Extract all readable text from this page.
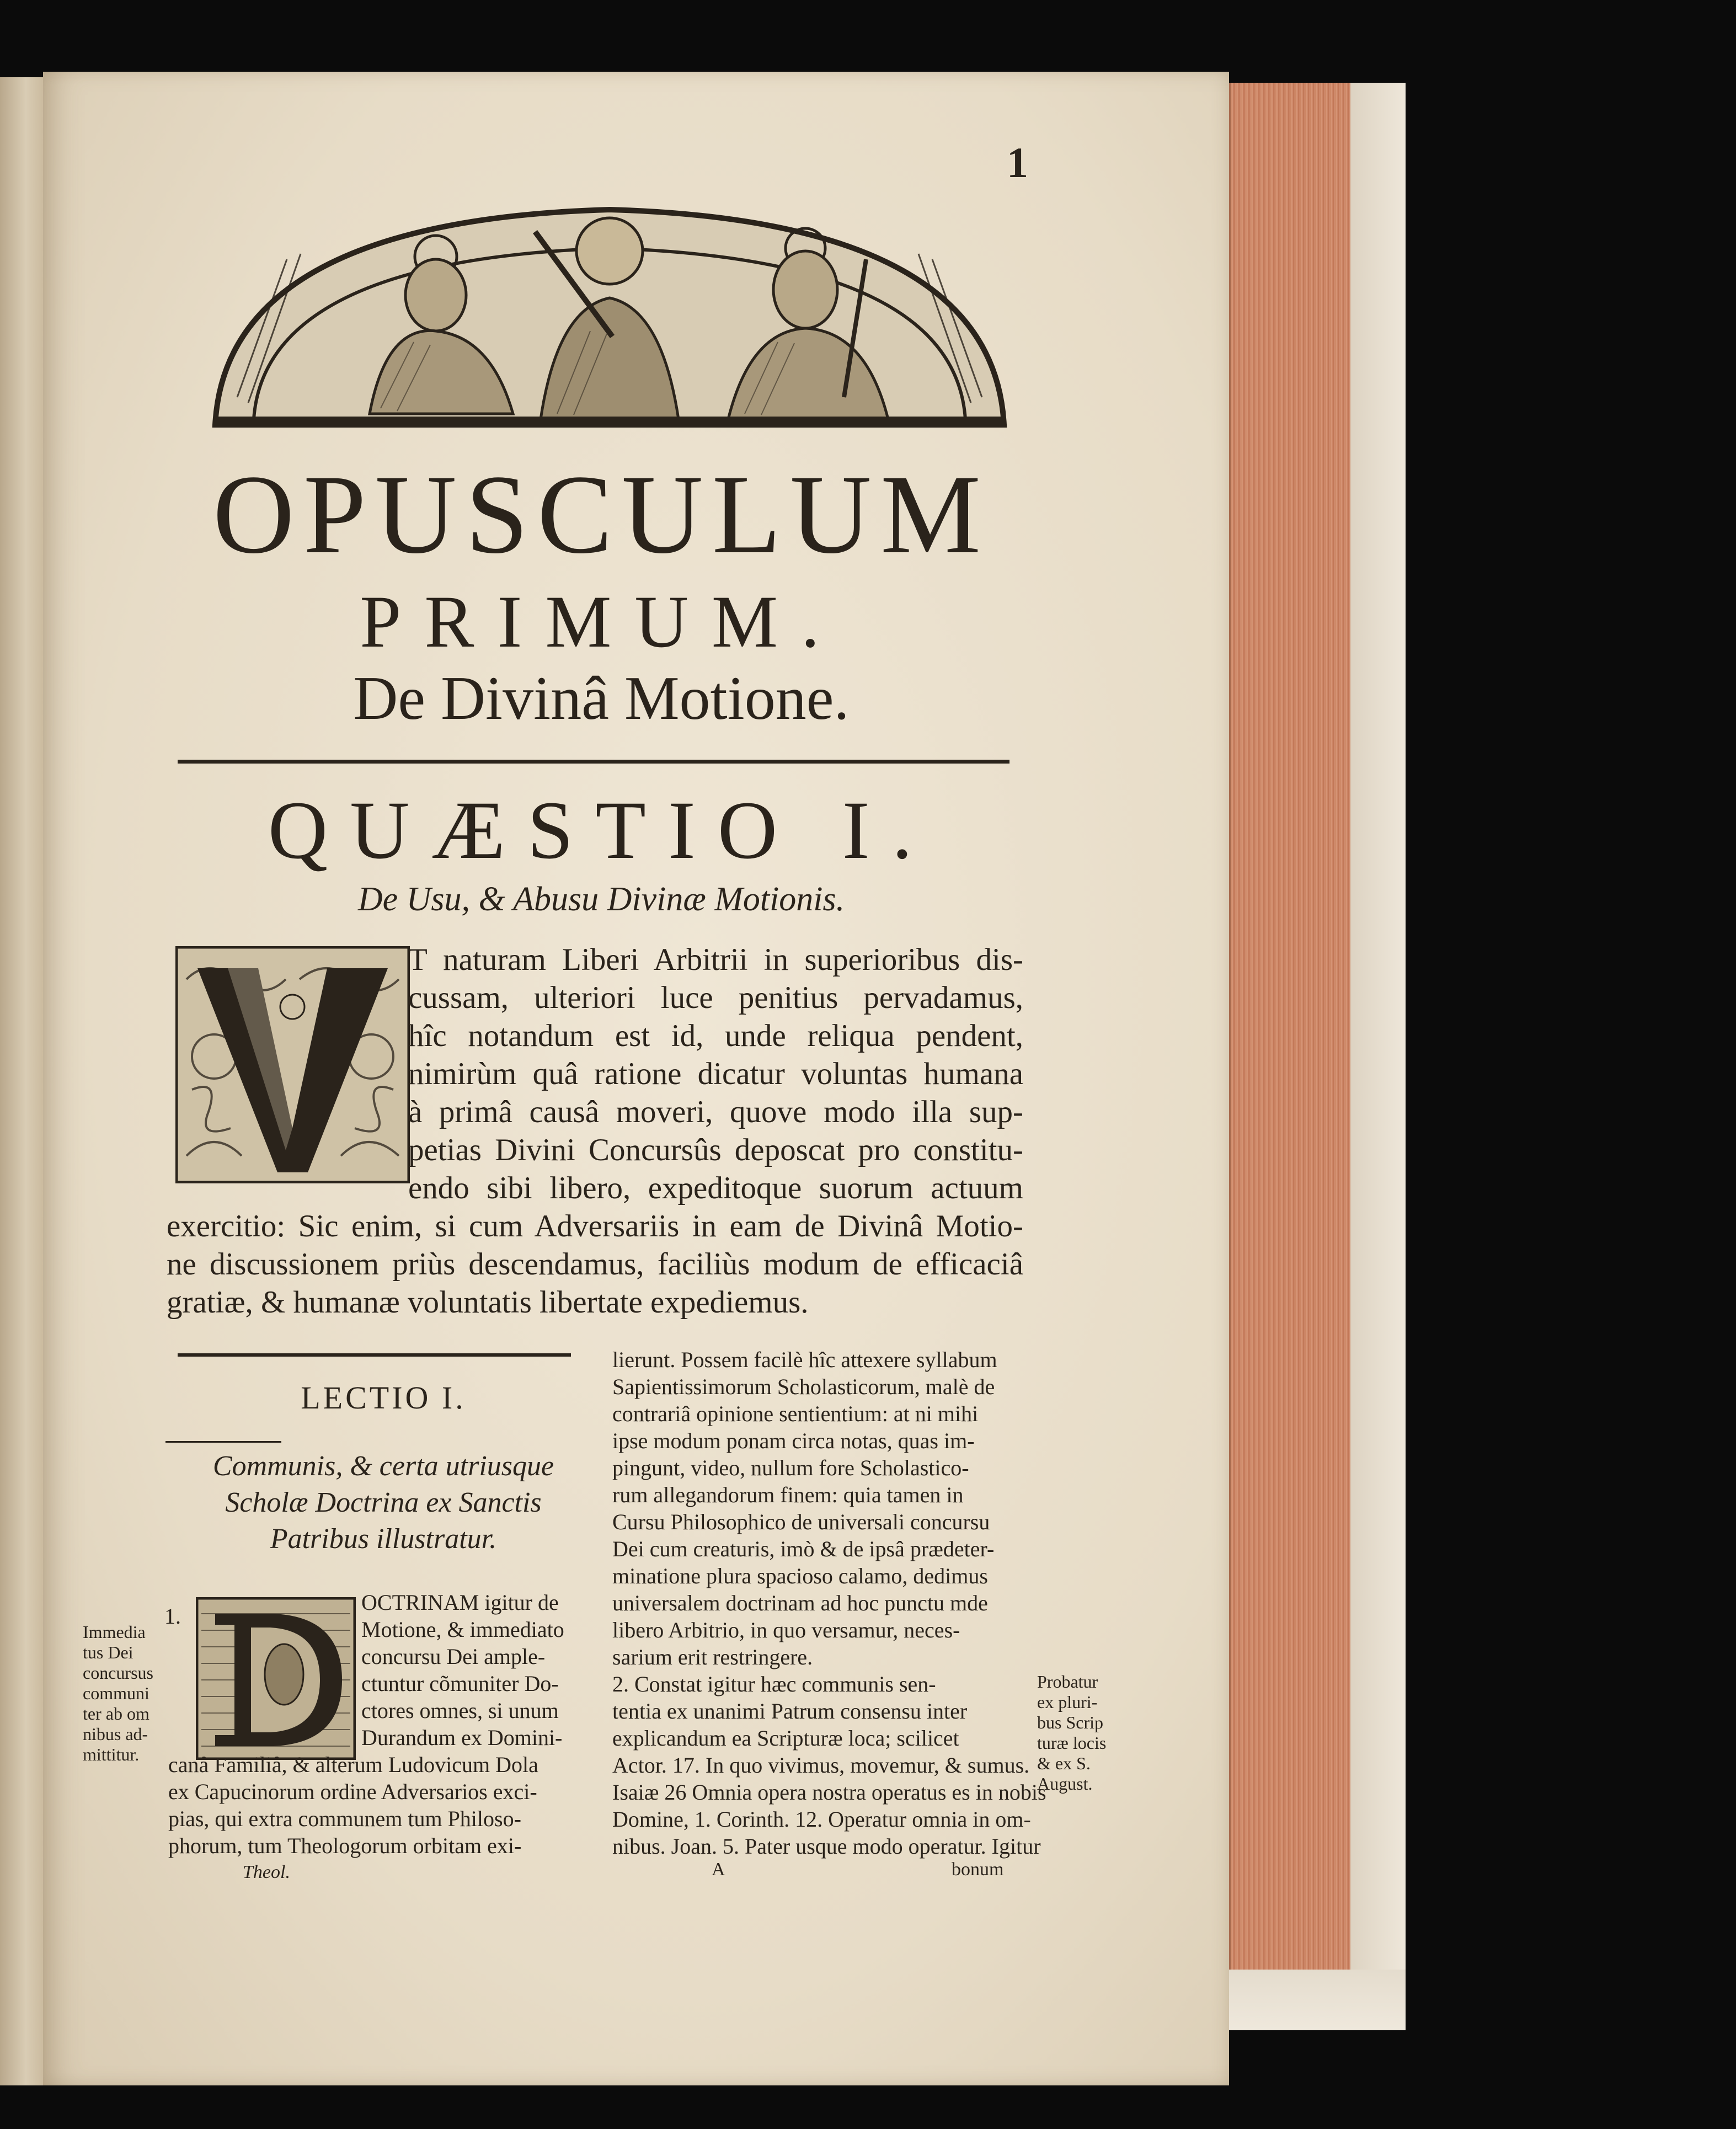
1
OPUSCULUM
PRIMUM.
De Divinâ Motione.
QUÆSTIO I.
De Usu, & Abusu Divinæ Motionis.
T naturam Liberi Arbitrii in superioribus dis-
cussam, ulteriori luce penitius pervadamus,
hîc notandum est id, unde reliqua pendent,
nimirùm quâ ratione dicatur voluntas humana
à primâ causâ moveri, quove modo illa sup-
petias Divini Concursûs deposcat pro constitu-
endo sibi libero, expeditoque suorum actuum
exercitio: Sic enim, si cum Adversariis in eam de Divinâ Motio-
ne discussionem priùs descendamus, faciliùs modum de efficaciâ
gratiæ, & humanæ voluntatis libertate expediemus.
LECTIO I.
Communis, & certa utriusque
Scholæ Doctrina ex Sanctis
Patribus illustratur.
1.
Immedia
tus Dei
concursus
communi
ter ab om
nibus ad-
mittitur.
OCTRINAM igitur de
Motione, & immediato
concursu Dei ample-
ctuntur cõmuniter Do-
ctores omnes, si unum
Durandum ex Domini-
canâ Familiâ, & alterum Ludovicum Dola
ex Capucinorum ordine Adversarios exci-
pias, qui extra communem tum Philoso-
phorum, tum Theologorum orbitam exi-
Theol.
lierunt. Possem facilè hîc attexere syllabum
Sapientissimorum Scholasticorum, malè de
contrariâ opinione sentientium: at ni mihi
ipse modum ponam circa notas, quas im-
pingunt, video, nullum fore Scholastico-
rum allegandorum finem: quia tamen in
Cursu Philosophico de universali concursu
Dei cum creaturis, imò & de ipsâ prædeter-
minatione plura spacioso calamo, dedimus
universalem doctrinam ad hoc punctu mde
libero Arbitrio, in quo versamur, neces-
sarium erit restringere.
2. Constat igitur hæc communis sen-
tentia ex unanimi Patrum consensu inter
explicandum ea Scripturæ loca; scilicet
Actor. 17. In quo vivimus, movemur, & sumus.
Isaiæ 26 Omnia opera nostra operatus es in nobis
Domine, 1. Corinth. 12. Operatur omnia in om-
nibus. Joan. 5. Pater usque modo operatur. Igitur
A	bonum
Probatur
ex pluri-
bus Scrip
turæ locis
& ex S.
August.
